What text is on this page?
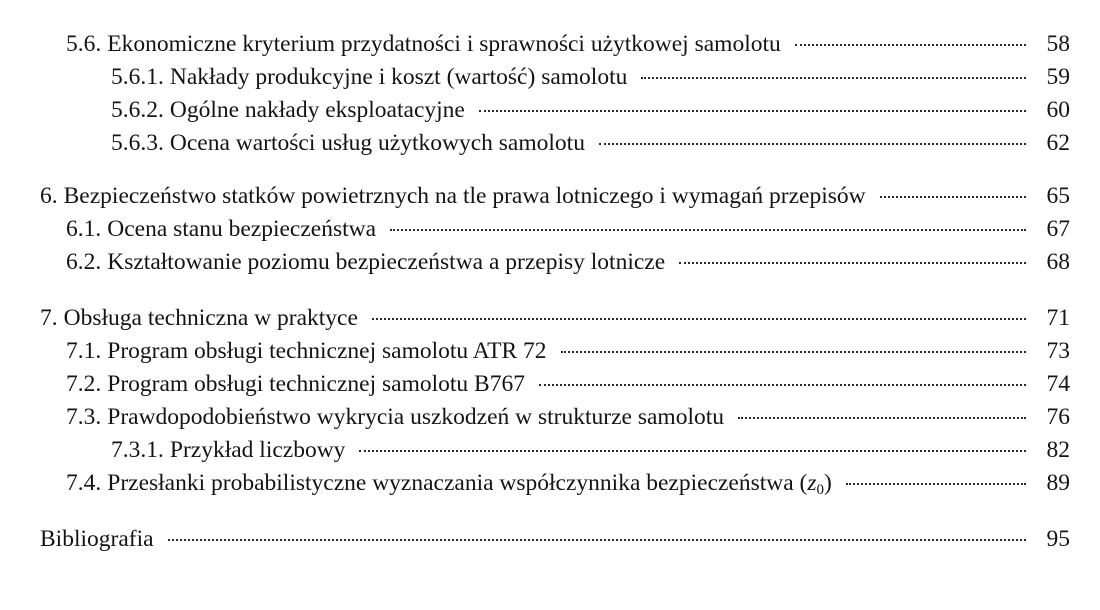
5.6. Ekonomiczne kryterium przydatności i sprawności użytkowej samolotu	58
5.6.1. Nakłady produkcyjne i koszt (wartość) samolotu	59
5.6.2. Ogólne nakłady eksploatacyjne	60
5.6.3. Ocena wartości usług użytkowych samolotu	62
6. Bezpieczeństwo statków powietrznych na tle prawa lotniczego i wymagań przepisów	65
6.1. Ocena stanu bezpieczeństwa	67
6.2. Kształtowanie poziomu bezpieczeństwa a przepisy lotnicze	68
7. Obsługa techniczna w praktyce	71
7.1. Program obsługi technicznej samolotu ATR 72	73
7.2. Program obsługi technicznej samolotu B767	74
7.3. Prawdopodobieństwo wykrycia uszkodzeń w strukturze samolotu	76
7.3.1. Przykład liczbowy	82
7.4. Przesłanki probabilistyczne wyznaczania współczynnika bezpieczeństwa (z0)	89
Bibliografia	95
